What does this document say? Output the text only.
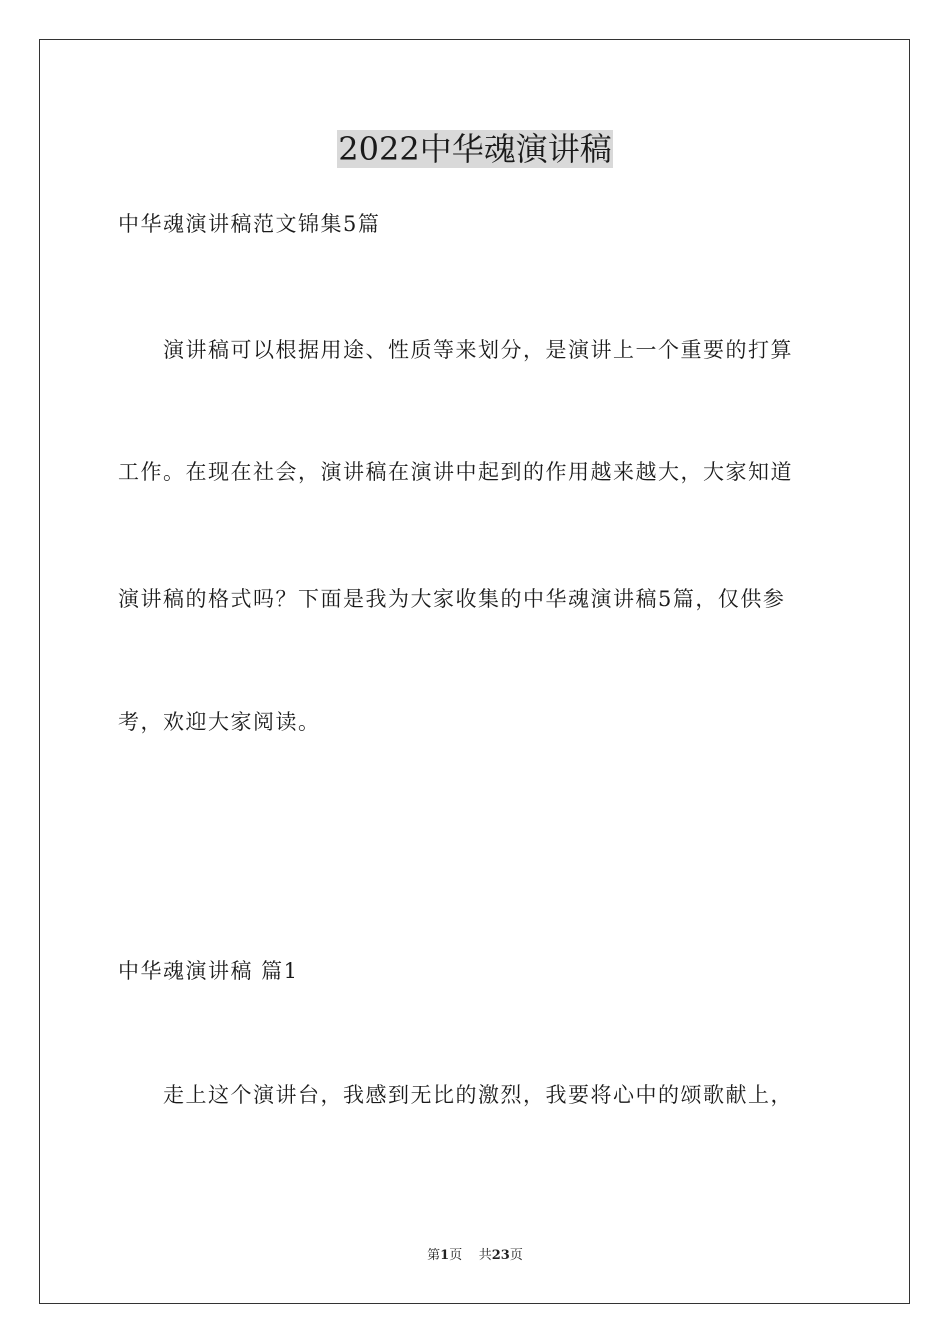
2022中华魂演讲稿
中华魂演讲稿范文锦集5篇
演讲稿可以根据用途、性质等来划分，是演讲上一个重要的打算
工作。在现在社会，演讲稿在演讲中起到的作用越来越大，大家知道
演讲稿的格式吗？下面是我为大家收集的中华魂演讲稿5篇，仅供参
考，欢迎大家阅读。
中华魂演讲稿 篇1
走上这个演讲台，我感到无比的激烈，我要将心中的颂歌献上，
第1页 共23页
